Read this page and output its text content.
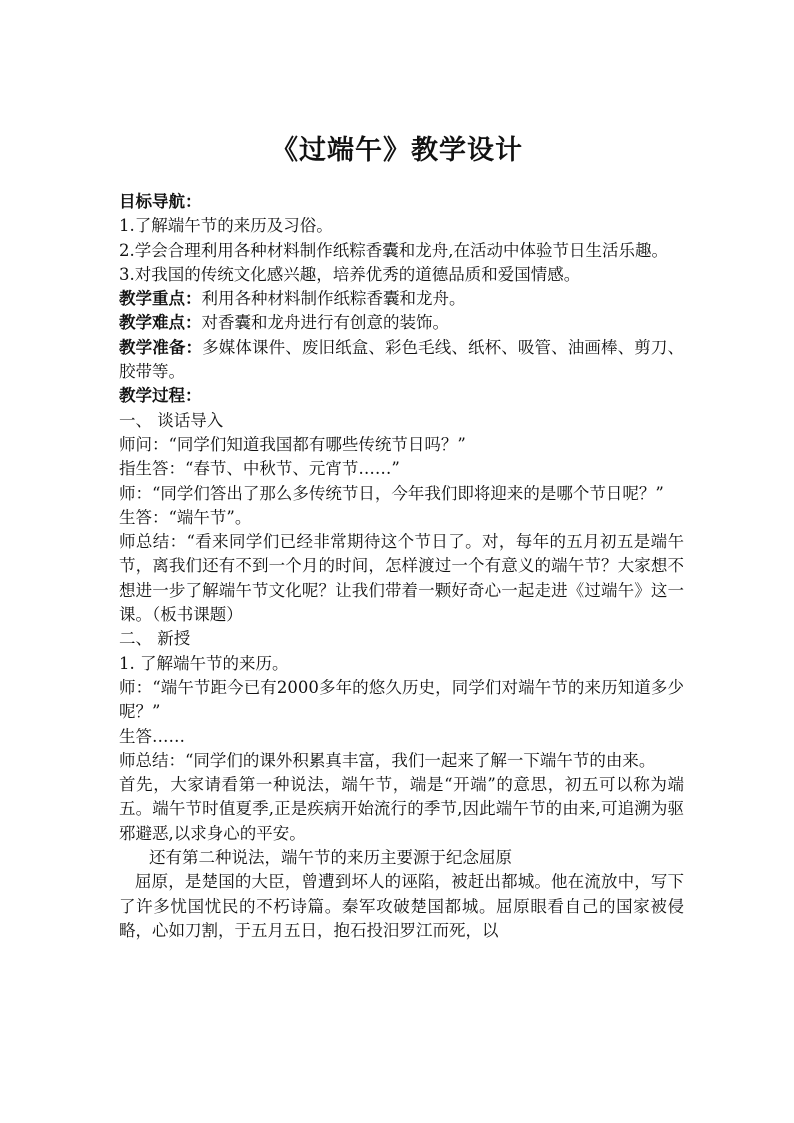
《过端午》教学设计

目标导航：

1.了解端午节的来历及习俗。

2.学会合理利用各种材料制作纸粽香囊和龙舟,在活动中体验节日生活乐趣。

3.对我国的传统文化感兴趣，培养优秀的道德品质和爱国情感。

教学重点：利用各种材料制作纸粽香囊和龙舟。

教学难点：对香囊和龙舟进行有创意的装饰。

教学准备：多媒体课件、废旧纸盒、彩色毛线、纸杯、吸管、油画棒、剪刀、胶带等。

教学过程：

一、 谈话导入

师问：“同学们知道我国都有哪些传统节日吗？”

指生答：“春节、中秋节、元宵节……”

师：“同学们答出了那么多传统节日，今年我们即将迎来的是哪个节日呢？”

生答：“端午节”。

师总结：“看来同学们已经非常期待这个节日了。对，每年的五月初五是端午节，离我们还有不到一个月的时间，怎样渡过一个有意义的端午节？大家想不想进一步了解端午节文化呢？让我们带着一颗好奇心一起走进《过端午》这一课。（板书课题）

二、 新授

1. 了解端午节的来历。

师：“端午节距今已有2000多年的悠久历史，同学们对端午节的来历知道多少呢？”

生答……

师总结：“同学们的课外积累真丰富，我们一起来了解一下端午节的由来。

首先，大家请看第一种说法，端午节，端是“开端”的意思，初五可以称为端五。端午节时值夏季,正是疾病开始流行的季节,因此端午节的由来,可追溯为驱邪避恶,以求身心的平安。

还有第二种说法，端午节的来历主要源于纪念屈原

屈原，是楚国的大臣，曾遭到坏人的诬陷，被赶出都城。他在流放中，写下了许多忧国忧民的不朽诗篇。秦军攻破楚国都城。屈原眼看自己的国家被侵略，心如刀割，于五月五日，抱石投汨罗江而死，以
